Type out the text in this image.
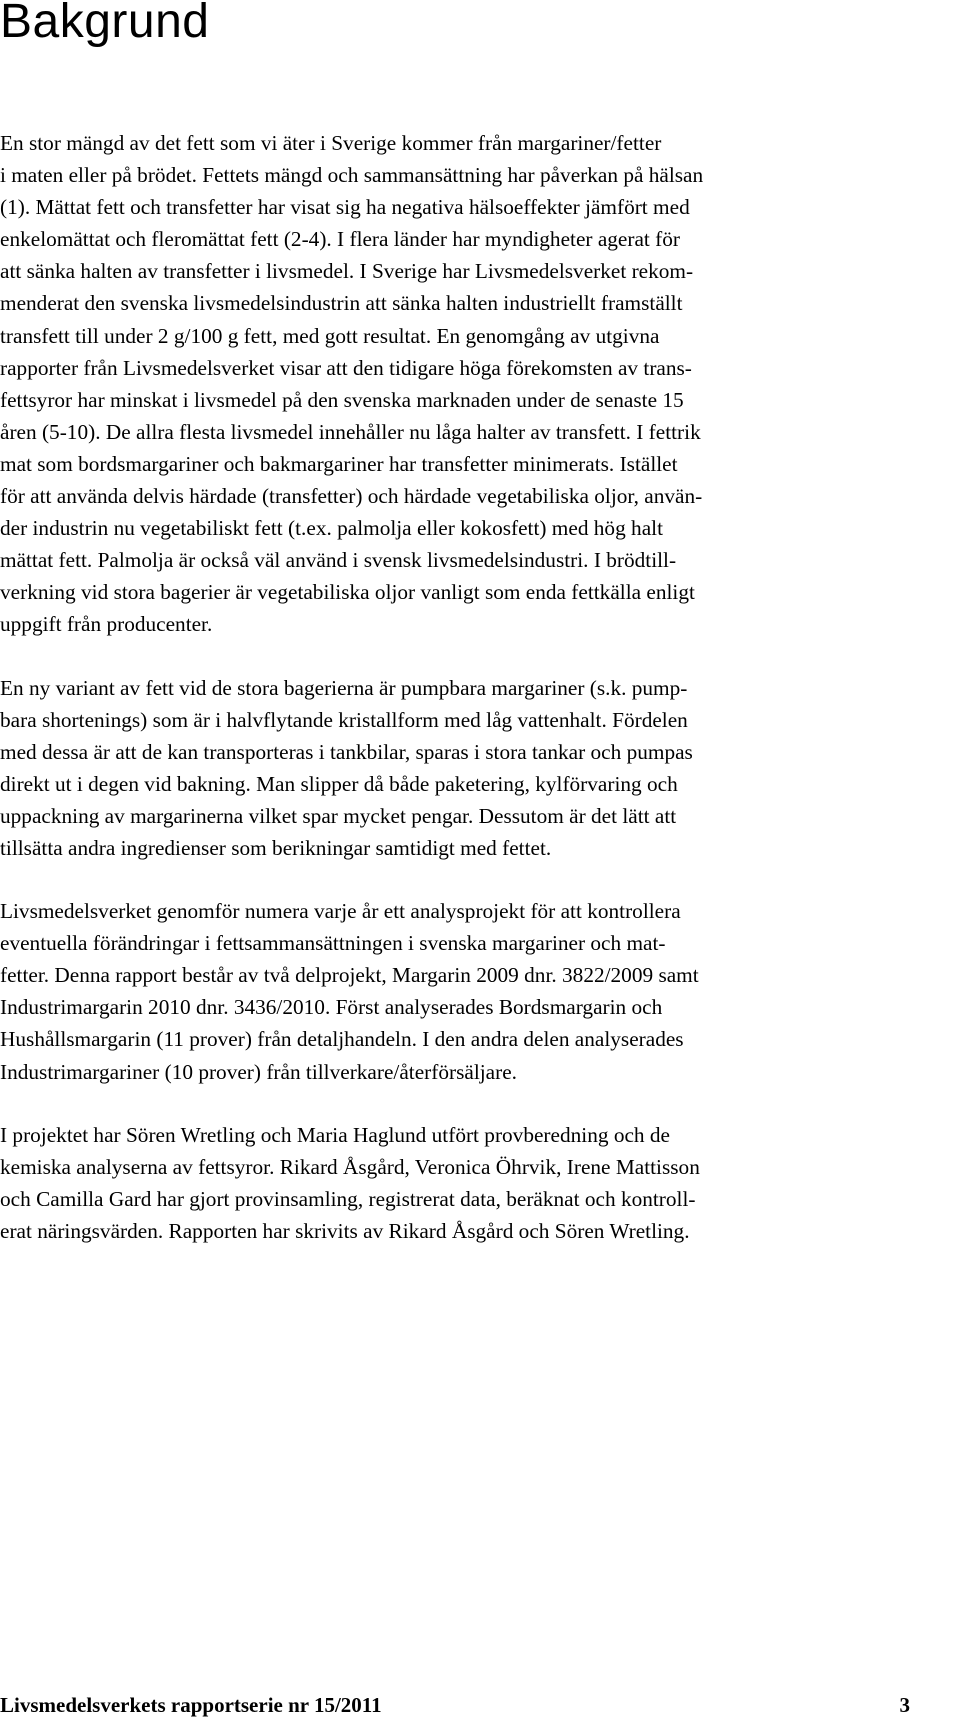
Bakgrund

En stor mängd av det fett som vi äter i Sverige kommer från margariner/fetter
i maten eller på brödet. Fettets mängd och sammansättning har påverkan på hälsan
(1). Mättat fett och transfetter har visat sig ha negativa hälsoeffekter jämfört med
enkelomättat och fleromättat fett (2-4). I flera länder har myndigheter agerat för
att sänka halten av transfetter i livsmedel. I Sverige har Livsmedelsverket rekom-
menderat den svenska livsmedelsindustrin att sänka halten industriellt framställt
transfett till under 2 g/100 g fett, med gott resultat. En genomgång av utgivna
rapporter från Livsmedelsverket visar att den tidigare höga förekomsten av trans-
fettsyror har minskat i livsmedel på den svenska marknaden under de senaste 15
åren (5-10). De allra flesta livsmedel innehåller nu låga halter av transfett. I fettrik
mat som bordsmargariner och bakmargariner har transfetter minimerats. Istället
för att använda delvis härdade (transfetter) och härdade vegetabiliska oljor, använ-
der industrin nu vegetabiliskt fett (t.ex. palmolja eller kokosfett) med hög halt
mättat fett. Palmolja är också väl använd i svensk livsmedelsindustri. I brödtill-
verkning vid stora bagerier är vegetabiliska oljor vanligt som enda fettkälla enligt
uppgift från producenter.

En ny variant av fett vid de stora bagerierna är pumpbara margariner (s.k. pump-
bara shortenings) som är i halvflytande kristallform med låg vattenhalt. Fördelen
med dessa är att de kan transporteras i tankbilar, sparas i stora tankar och pumpas
direkt ut i degen vid bakning. Man slipper då både paketering, kylförvaring och
uppackning av margarinerna vilket spar mycket pengar. Dessutom är det lätt att
tillsätta andra ingredienser som berikningar samtidigt med fettet.

Livsmedelsverket genomför numera varje år ett analysprojekt för att kontrollera
eventuella förändringar i fettsammansättningen i svenska margariner och mat-
fetter. Denna rapport består av två delprojekt, Margarin 2009 dnr. 3822/2009 samt
Industrimargarin 2010 dnr. 3436/2010. Först analyserades Bordsmargarin och
Hushållsmargarin (11 prover) från detaljhandeln. I den andra delen analyserades
Industrimargariner (10 prover) från tillverkare/återförsäljare.

I projektet har Sören Wretling och Maria Haglund utfört provberedning och de
kemiska analyserna av fettsyror. Rikard Åsgård, Veronica Öhrvik, Irene Mattisson
och Camilla Gard har gjort provinsamling, registrerat data, beräknat och kontroll-
erat näringsvärden. Rapporten har skrivits av Rikard Åsgård och Sören Wretling.

Livsmedelsverkets rapportserie nr 15/2011	3
